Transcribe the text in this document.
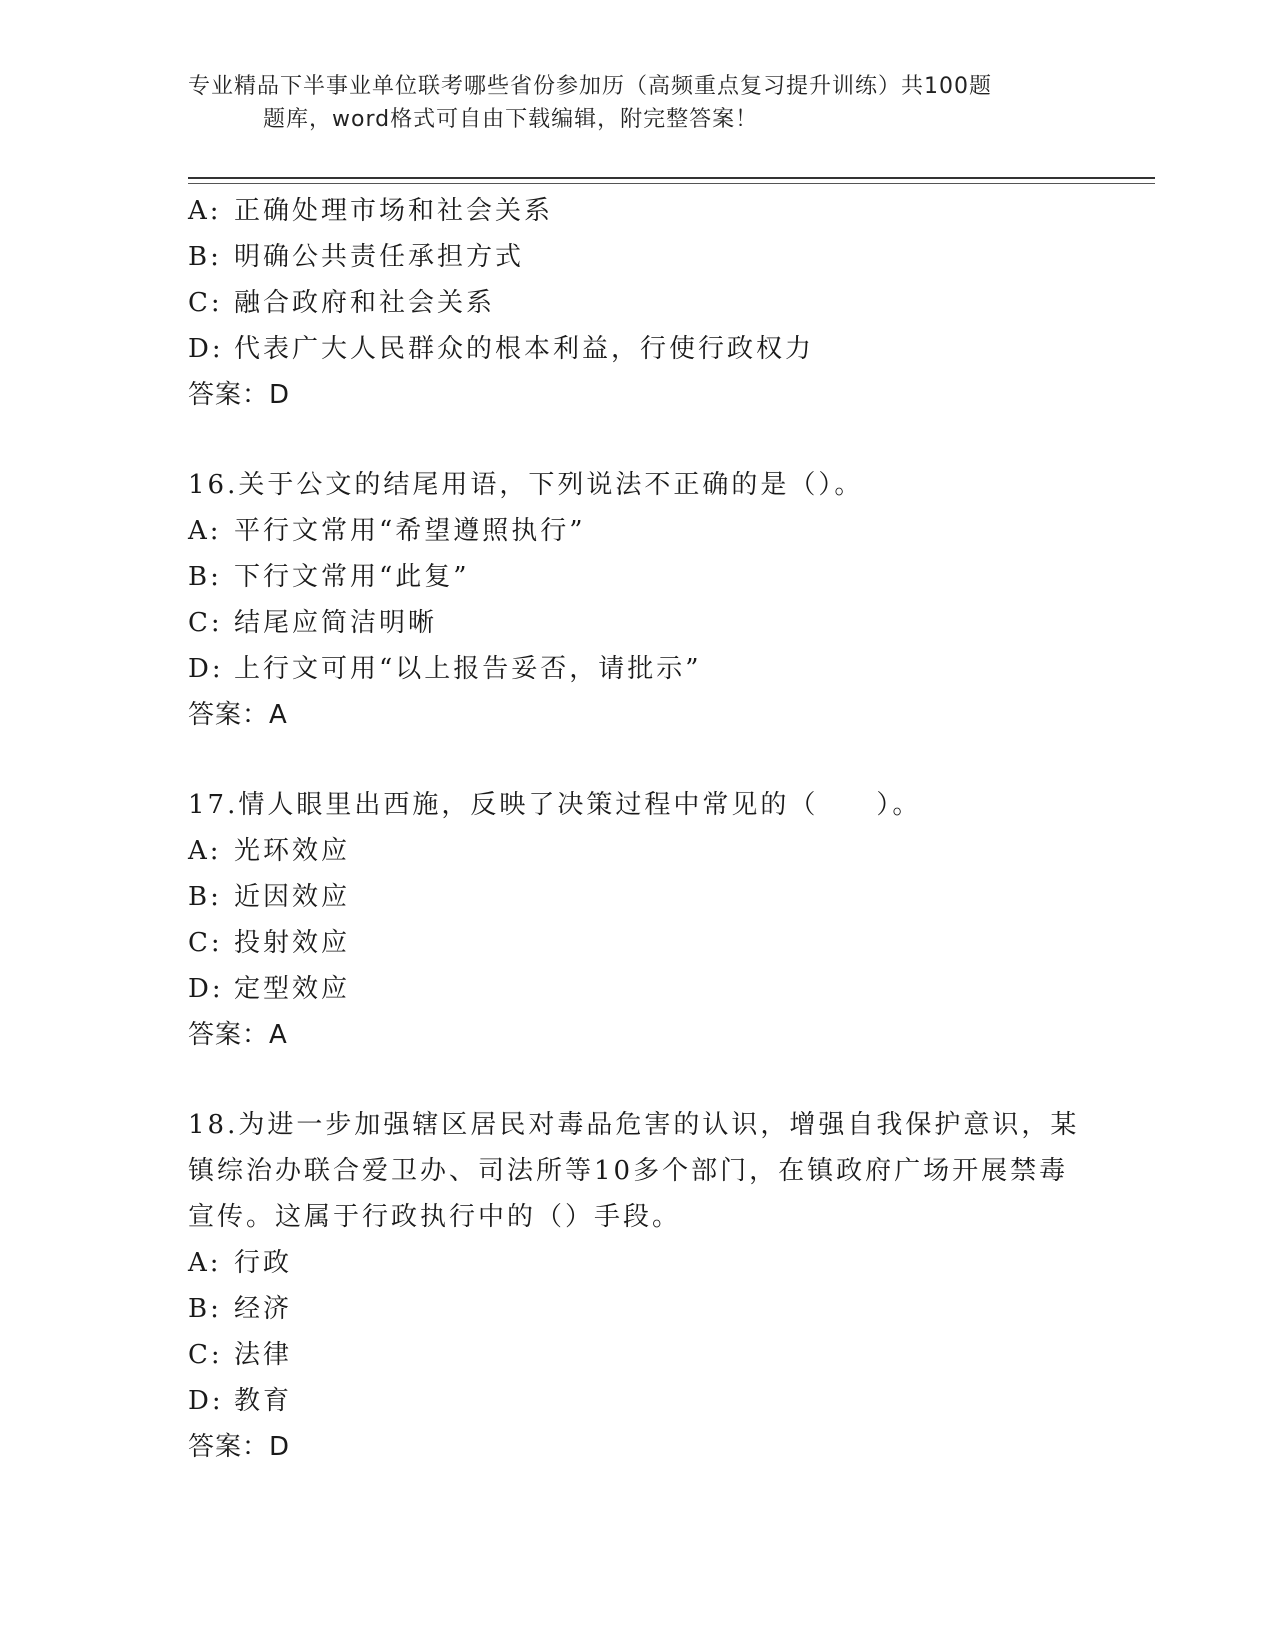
专业精品下半事业单位联考哪些省份参加历（高频重点复习提升训练）共100题
题库，word格式可自由下载编辑，附完整答案！
A: 正确处理市场和社会关系
B: 明确公共责任承担方式
C: 融合政府和社会关系
D: 代表广大人民群众的根本利益，行使行政权力
答案：D
16.关于公文的结尾用语，下列说法不正确的是（）。
A: 平行文常用“希望遵照执行”
B: 下行文常用“此复”
C: 结尾应简洁明晰
D: 上行文可用“以上报告妥否，请批示”
答案：A
17.情人眼里出西施，反映了决策过程中常见的（　　）。
A: 光环效应
B: 近因效应
C: 投射效应
D: 定型效应
答案：A
18.为进一步加强辖区居民对毒品危害的认识，增强自我保护意识，某
镇综治办联合爱卫办、司法所等10多个部门，在镇政府广场开展禁毒
宣传。这属于行政执行中的（）手段。
A: 行政
B: 经济
C: 法律
D: 教育
答案：D
